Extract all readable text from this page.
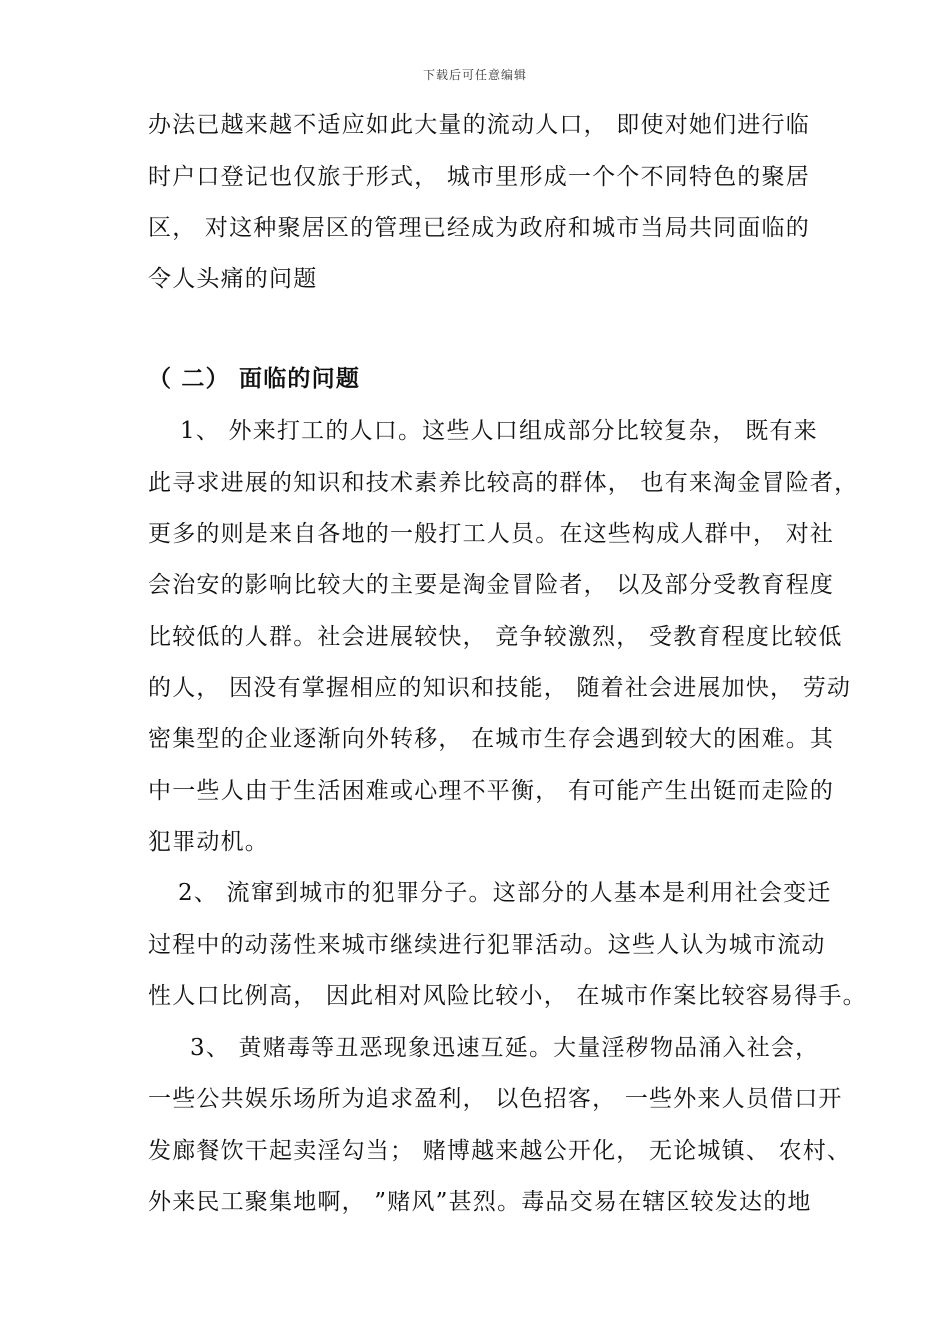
下载后可任意编辑
办法已越来越不适应如此大量的流动人口， 即使对她们进行临
时户口登记也仅旅于形式， 城市里形成一个个不同特色的聚居
区， 对这种聚居区的管理已经成为政府和城市当局共同面临的
令人头痛的问题
（ 二） 面临的问题
1、 外来打工的人口。这些人口组成部分比较复杂， 既有来
此寻求进展的知识和技术素养比较高的群体， 也有来淘金冒险者，
更多的则是来自各地的一般打工人员。在这些构成人群中， 对社
会治安的影响比较大的主要是淘金冒险者， 以及部分受教育程度
比较低的人群。社会进展较快， 竞争较激烈， 受教育程度比较低
的人， 因没有掌握相应的知识和技能， 随着社会进展加快， 劳动
密集型的企业逐渐向外转移， 在城市生存会遇到较大的困难。其
中一些人由于生活困难或心理不平衡， 有可能产生出铤而走险的
犯罪动机。
2、 流窜到城市的犯罪分子。这部分的人基本是利用社会变迁
过程中的动荡性来城市继续进行犯罪活动。这些人认为城市流动
性人口比例高， 因此相对风险比较小， 在城市作案比较容易得手。
3、 黄赌毒等丑恶现象迅速互延。大量淫秽物品涌入社会，
一些公共娱乐场所为追求盈利， 以色招客， 一些外来人员借口开
发廊餐饮干起卖淫勾当； 赌博越来越公开化， 无论城镇、 农村、
外来民工聚集地啊， ”赌风”甚烈。毒品交易在辖区较发达的地
